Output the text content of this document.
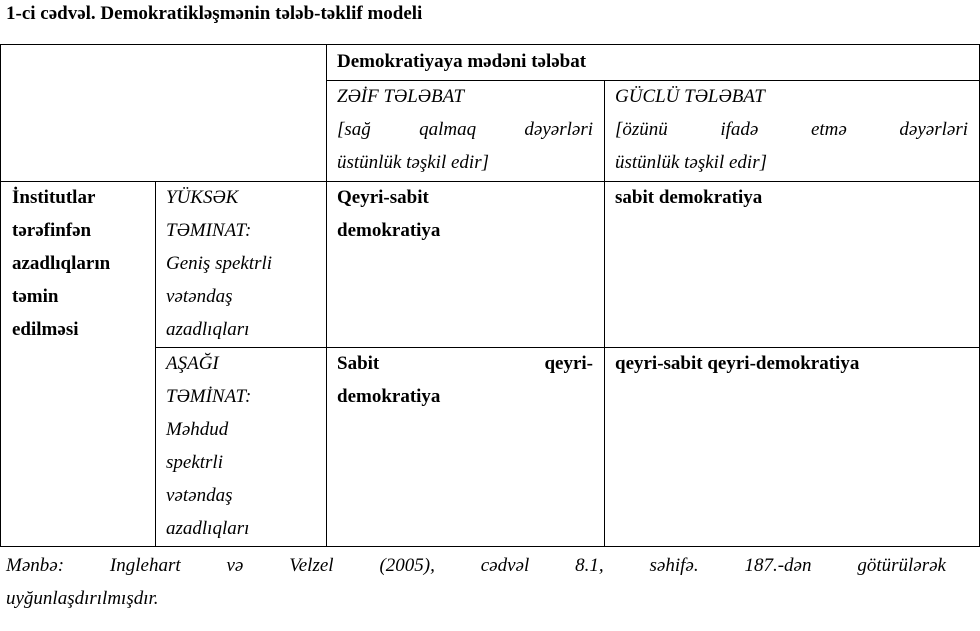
1-ci cədvəl. Demokratikləşmənin tələb-təklif modeli
Demokratiyaya mədəni tələbat
ZƏİF TƏLƏBAT
[sağ qalmaq dəyərləri
üstünlük təşkil edir]
GÜCLÜ TƏLƏBAT
[özünü ifadə etmə dəyərləri
üstünlük təşkil edir]
İnstitutlar
tərəfinfən
azadlıqların
təmin
edilməsi
YÜKSƏK
TƏMINAT:
Geniş spektrli
vətəndaş
azadlıqları
AŞAĞI
TƏMİNAT:
Məhdud
spektrli
vətəndaş
azadlıqları
Qeyri-sabit
demokratiya
sabit demokratiya
Sabit qeyri-
demokratiya
qeyri-sabit qeyri-demokratiya
Mənbə: Inglehart və Velzel (2005), cədvəl 8.1, səhifə. 187.-dən götürülərək
uyğunlaşdırılmışdır.
